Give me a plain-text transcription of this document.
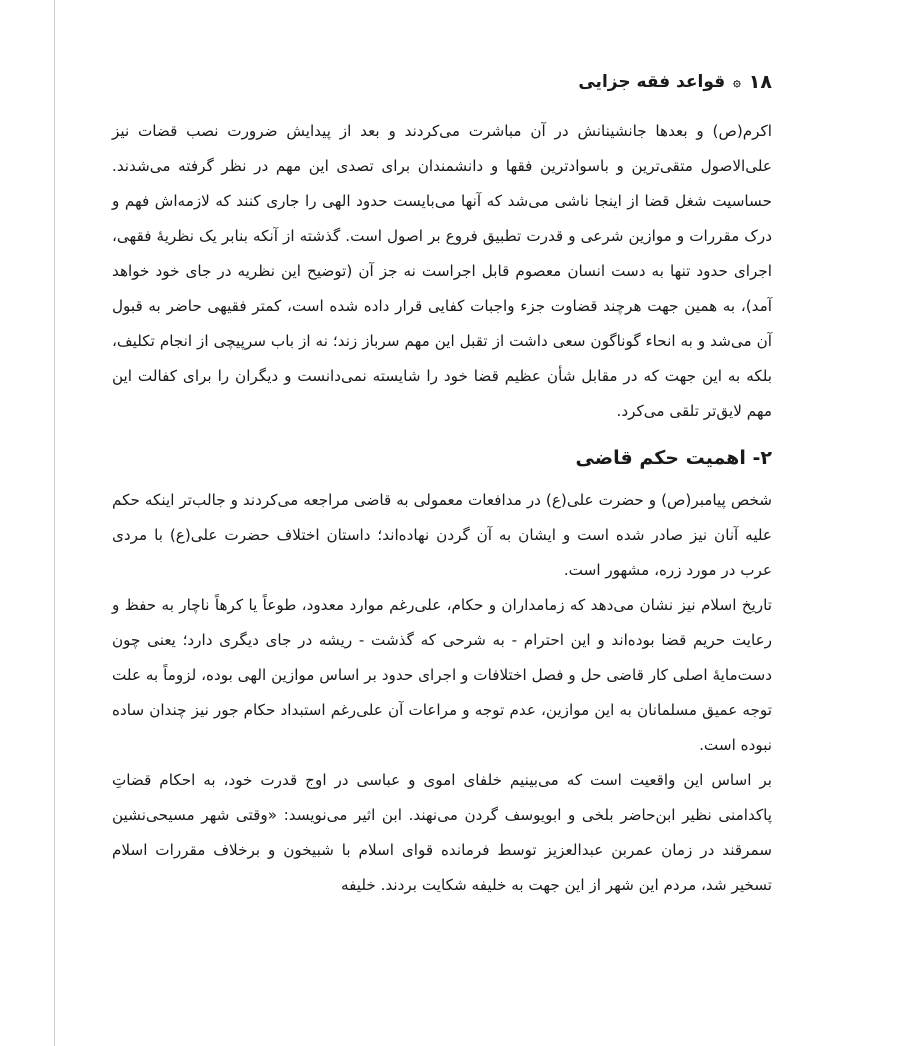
۱۸
۞
قواعد فقه جزایی

اکرم(ص) و بعدها جانشینانش در آن مباشرت می‌کردند و بعد از پیدایش ضرورت نصب قضات نیز علی‌الاصول متقی‌ترین و باسوادترین فقها و دانشمندان برای تصدی این مهم در نظر گرفته می‌شدند. حساسیت شغل قضا از اینجا ناشی می‌شد که آنها می‌بایست حدود الهی را جاری کنند که لازمه‌اش فهم و درک مقررات و موازین شرعی و قدرت تطبیق فروع بر اصول است. گذشته از آنکه بنابر یک نظریهٔ فقهی، اجرای حدود تنها به دست انسان معصوم قابل اجراست نه جز آن (توضیح این نظریه در جای خود خواهد آمد)، به همین جهت هرچند قضاوت جزء واجبات کفایی قرار داده شده است، کمتر فقیهی حاضر به قبول آن می‌شد و به انحاء گوناگون سعی داشت از تقبل این مهم سرباز زند؛ نه از باب سرپیچی از انجام تکلیف، بلکه به این جهت که در مقابل شأن عظیم قضا خود را شایسته نمی‌دانست و دیگران را برای کفالت این مهم لایق‌تر تلقی می‌کرد.

۲- اهمیت حکم قاضی

شخص پیامبر(ص) و حضرت علی(ع) در مدافعات معمولی به قاضی مراجعه می‌کردند و جالب‌تر اینکه حکم علیه آنان نیز صادر شده است و ایشان به آن گردن نهاده‌اند؛ داستان اختلاف حضرت علی(ع) با مردی عرب در مورد زره، مشهور است.

تاریخ اسلام نیز نشان می‌دهد که زمامداران و حکام، علی‌رغم موارد معدود، طوعاً یا کرهاً ناچار به حفظ و رعایت حریم قضا بوده‌اند و این احترام - به شرحی که گذشت - ریشه در جای دیگری دارد؛ یعنی چون دست‌مایهٔ اصلی کار قاضی حل و فصل اختلافات و اجرای حدود بر اساس موازین الهی بوده، لزوماً به علت توجه عمیق مسلمانان به این موازین، عدم توجه و مراعات آن علی‌رغم استبداد حکام جور نیز چندان ساده نبوده است.

بر اساس این واقعیت است که می‌بینیم خلفای اموی و عباسی در اوج قدرت خود، به احکام قضاتِ پاکدامنی نظیر ابن‌حاضر بلخی و ابویوسف گردن می‌نهند. ابن اثیر می‌نویسد: «وقتی شهر مسیحی‌نشین سمرقند در زمان عمربن عبدالعزیز توسط فرمانده قوای اسلام با شبیخون و برخلاف مقررات اسلام تسخیر شد، مردم این شهر از این جهت به خلیفه شکایت بردند. خلیفه
